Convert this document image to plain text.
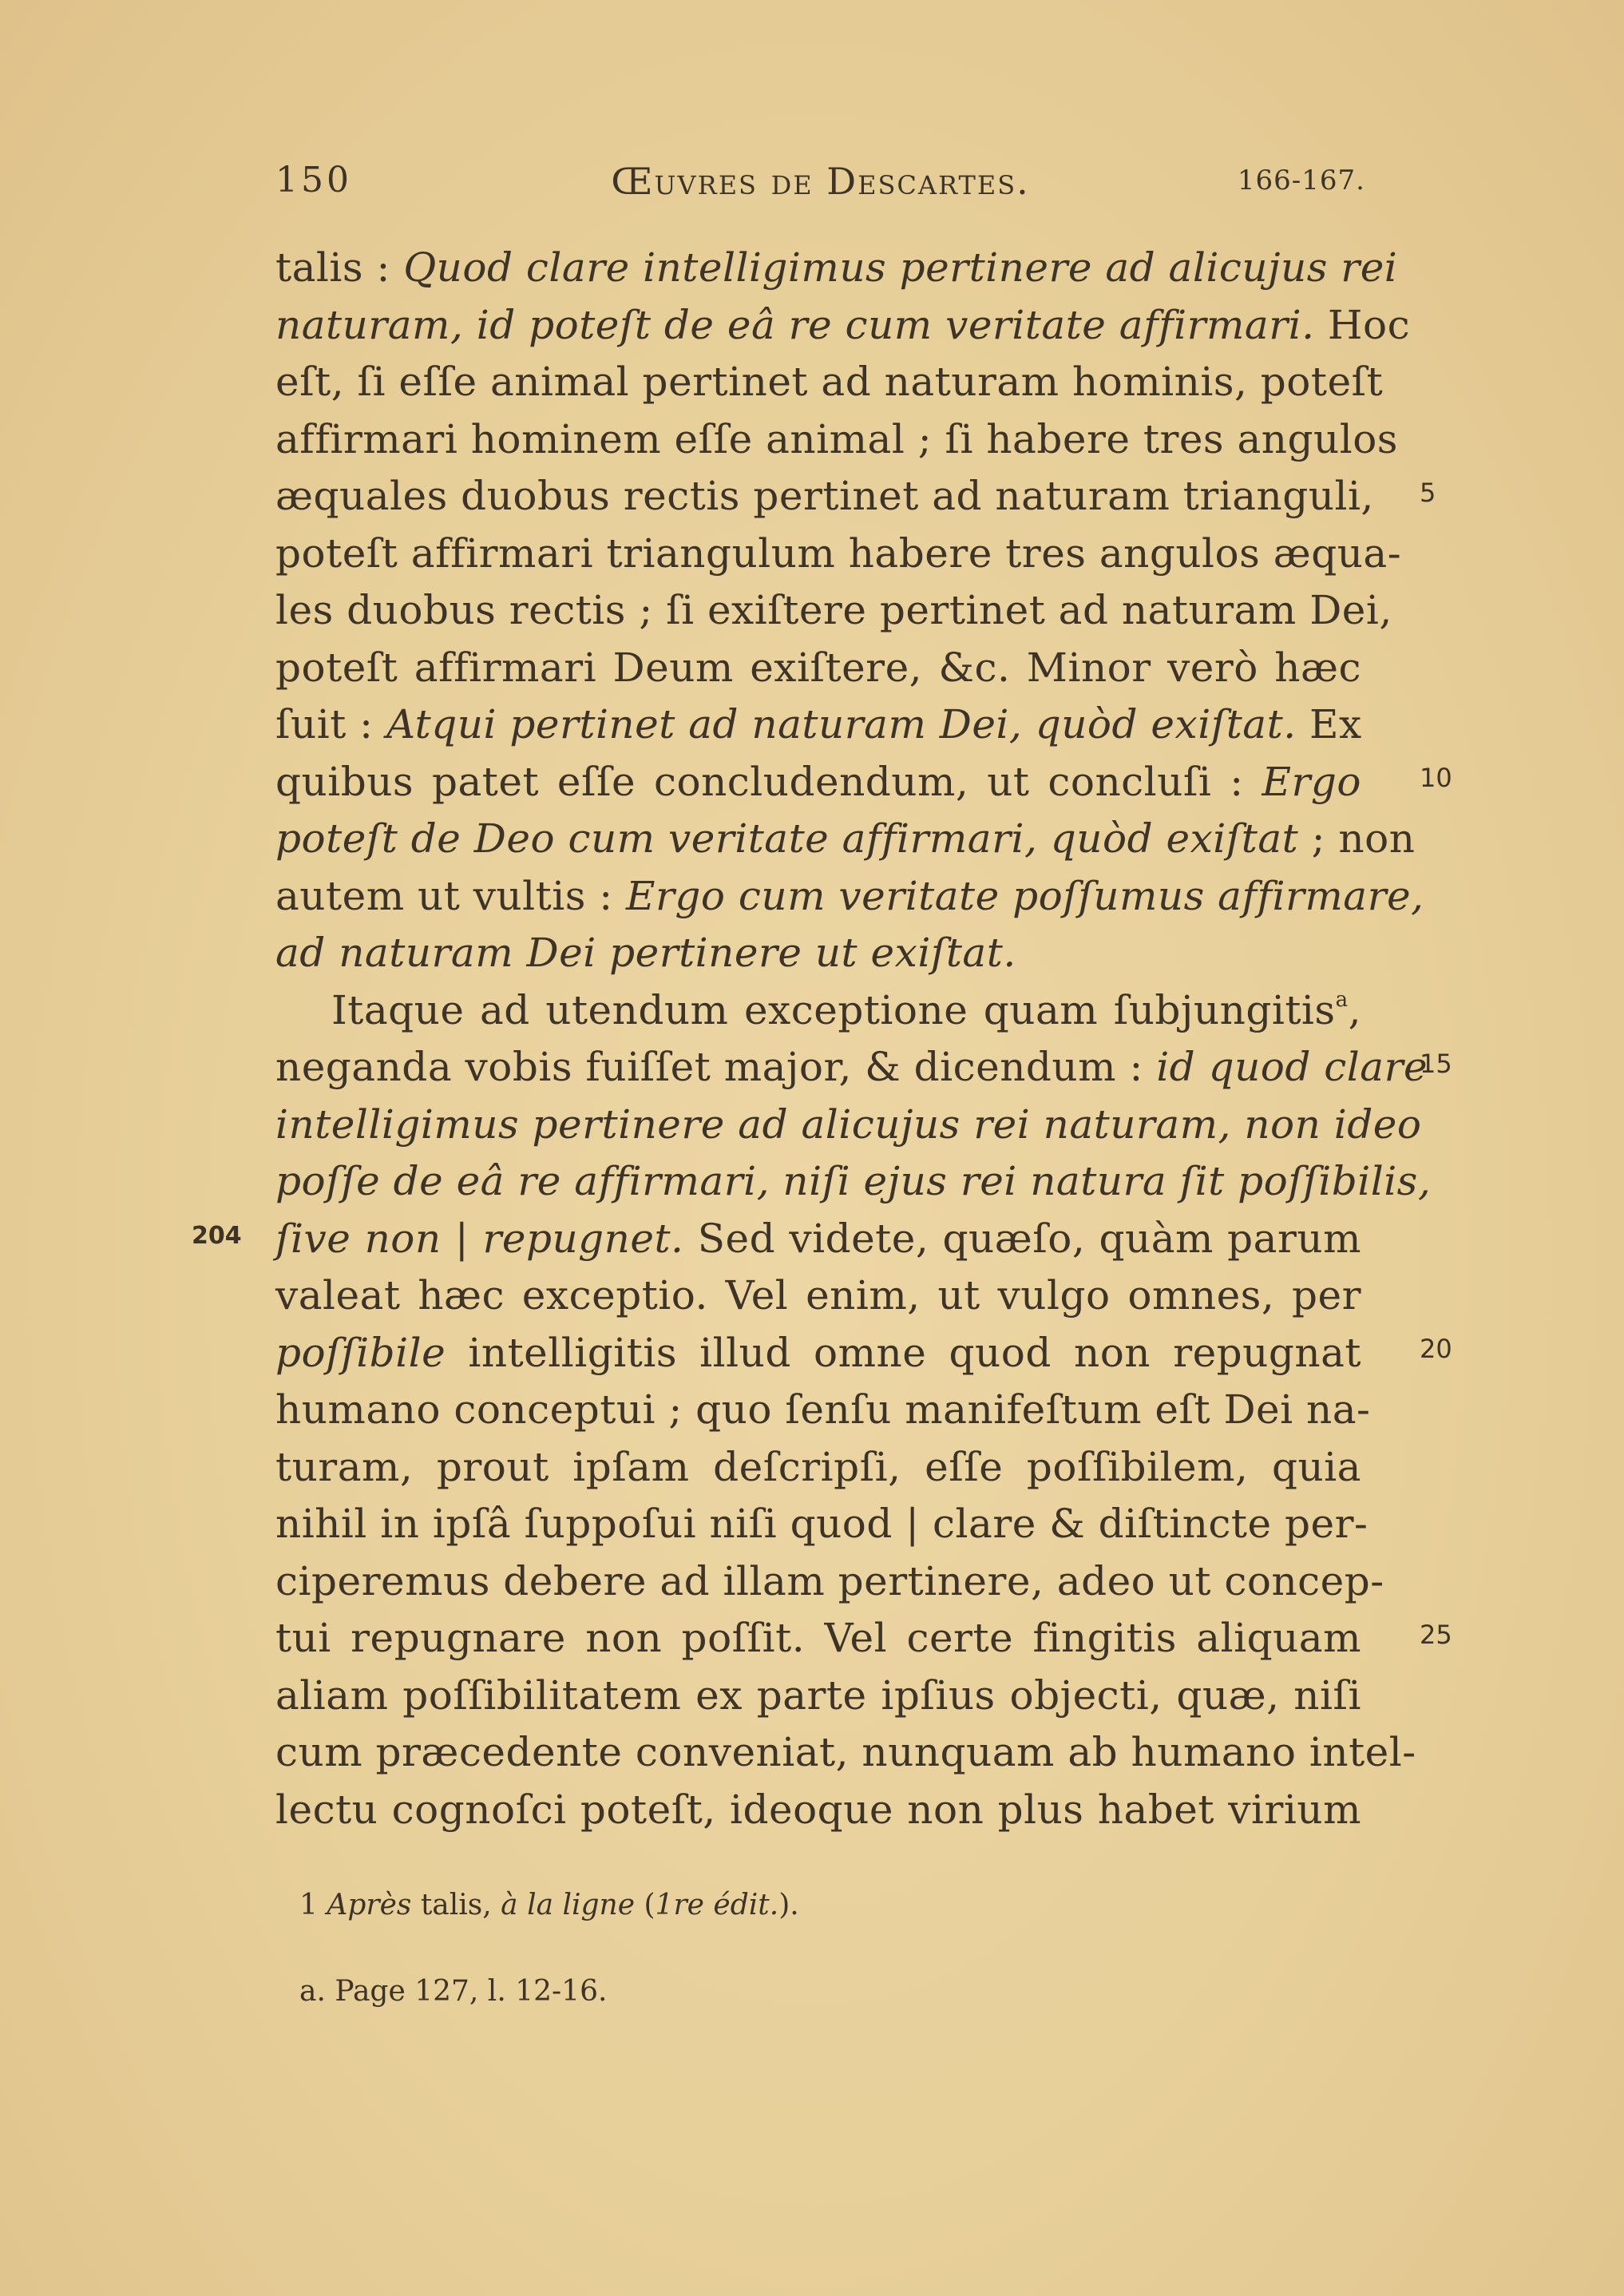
150	Œuvres de Descartes.	166-167.
talis : Quod clare intelligimus pertinere ad alicujus rei
naturam, id poteſt de eâ re cum veritate affirmari. Hoc
eſt, ſi eſſe animal pertinet ad naturam hominis, poteſt
affirmari hominem eſſe animal ; ſi habere tres angulos
æquales duobus rectis pertinet ad naturam trianguli,
poteſt affirmari triangulum habere tres angulos æqua-
les duobus rectis ; ſi exiſtere pertinet ad naturam Dei,
poteſt affirmari Deum exiſtere, &c. Minor verò hæc
ſuit : Atqui pertinet ad naturam Dei, quòd exiſtat. Ex
quibus patet eſſe concludendum, ut concluſi : Ergo
poteſt de Deo cum veritate affirmari, quòd exiſtat ; non
autem ut vultis : Ergo cum veritate poſſumus affirmare,
ad naturam Dei pertinere ut exiſtat.
Itaque ad utendum exceptione quam ſubjungitis$^a$,
neganda vobis fuiſſet major, & dicendum : id quod clare
intelligimus pertinere ad alicujus rei naturam, non ideo
poſſe de eâ re affirmari, niſi ejus rei natura ſit poſſibilis,
ſive non | repugnet. Sed videte, quæſo, quàm parum
valeat hæc exceptio. Vel enim, ut vulgo omnes, per
poſſibile intelligitis illud omne quod non repugnat
humano conceptui ; quo ſenſu manifeſtum eſt Dei na-
turam, prout ipſam deſcripſi, eſſe poſſibilem, quia
nihil in ipſâ ſuppoſui niſi quod | clare & diſtincte per-
ciperemus debere ad illam pertinere, adeo ut concep-
tui repugnare non poſſit. Vel certe fingitis aliquam
aliam poſſibilitatem ex parte ipſius objecti, quæ, niſi
cum præcedente conveniat, nunquam ab humano intel-
lectu cognoſci poteſt, ideoque non plus habet virium
5
10
15
20
25
204
1 Après talis, à la ligne (1re édit.).
a. Page 127, l. 12-16.
